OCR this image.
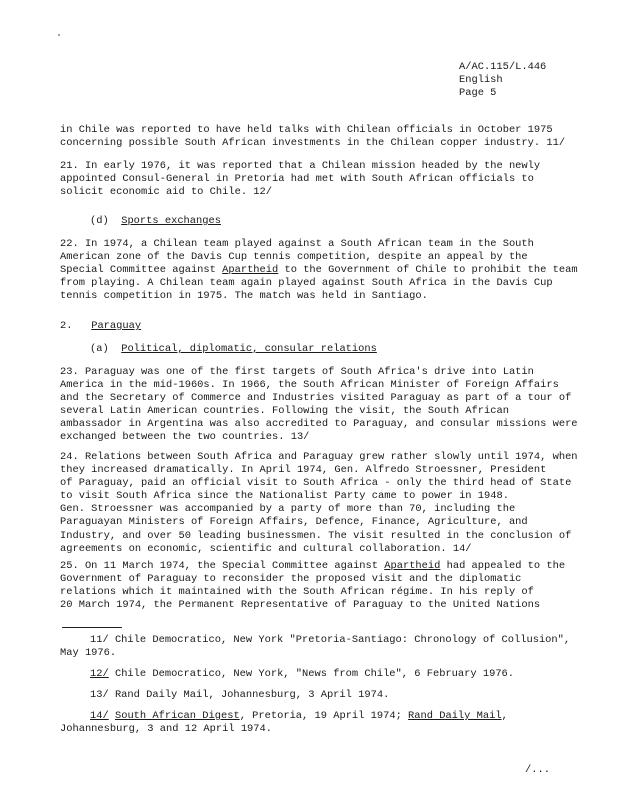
A/AC.115/L.446
English
Page 5

in Chile was reported to have held talks with Chilean officials in October 1975

concerning possible South African investments in the Chilean copper industry. 11/

21. In early 1976, it was reported that a Chilean mission headed by the newly

appointed Consul-General in Pretoria had met with South African officials to

solicit economic aid to Chile. 12/

(d) Sports exchanges

22. In 1974, a Chilean team played against a South African team in the South

American zone of the Davis Cup tennis competition, despite an appeal by the

Special Committee against Apartheid to the Government of Chile to prohibit the team

from playing. A Chilean team again played against South Africa in the Davis Cup

tennis competition in 1975. The match was held in Santiago.

2. Paraguay

(a) Political, diplomatic, consular relations

23. Paraguay was one of the first targets of South Africa's drive into Latin

America in the mid-1960s. In 1966, the South African Minister of Foreign Affairs

and the Secretary of Commerce and Industries visited Paraguay as part of a tour of

several Latin American countries. Following the visit, the South African

ambassador in Argentina was also accredited to Paraguay, and consular missions were

exchanged between the two countries. 13/

24. Relations between South Africa and Paraguay grew rather slowly until 1974, when

they increased dramatically. In April 1974, Gen. Alfredo Stroessner, President

of Paraguay, paid an official visit to South Africa - only the third head of State

to visit South Africa since the Nationalist Party came to power in 1948.

Gen. Stroessner was accompanied by a party of more than 70, including the

Paraguayan Ministers of Foreign Affairs, Defence, Finance, Agriculture, and

Industry, and over 50 leading businessmen. The visit resulted in the conclusion of

agreements on economic, scientific and cultural collaboration. 14/

25. On 11 March 1974, the Special Committee against Apartheid had appealed to the

Government of Paraguay to reconsider the proposed visit and the diplomatic

relations which it maintained with the South African régime. In his reply of

20 March 1974, the Permanent Representative of Paraguay to the United Nations

11/ Chile Democratico, New York "Pretoria-Santiago: Chronology of Collusion",
May 1976.
12/ Chile Democratico, New York, "News from Chile", 6 February 1976.
13/ Rand Daily Mail, Johannesburg, 3 April 1974.
14/ South African Digest, Pretoria, 19 April 1974; Rand Daily Mail,
Johannesburg, 3 and 12 April 1974.
/...
